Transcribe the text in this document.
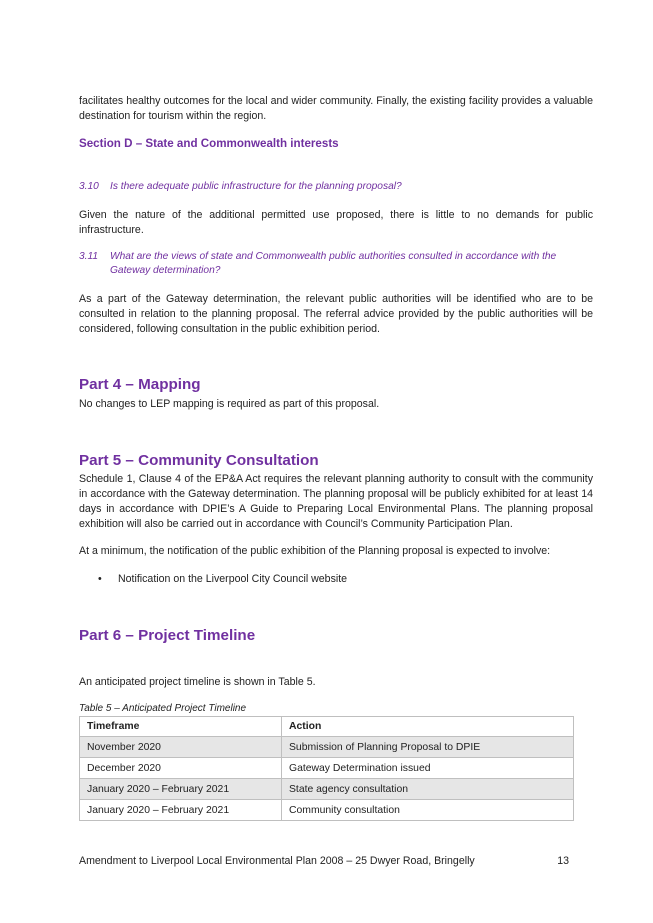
facilitates healthy outcomes for the local and wider community. Finally, the existing facility provides a valuable destination for tourism within the region.

Section D – State and Commonwealth interests
3.10	Is there adequate public infrastructure for the planning proposal?

Given the nature of the additional permitted use proposed, there is little to no demands for public infrastructure.

3.11	What are the views of state and Commonwealth public authorities consulted in accordance with the Gateway determination?

As a part of the Gateway determination, the relevant public authorities will be identified who are to be consulted in relation to the planning proposal. The referral advice provided by the public authorities will be considered, following consultation in the public exhibition period.

Part 4 – Mapping

No changes to LEP mapping is required as part of this proposal.

Part 5 – Community Consultation

Schedule 1, Clause 4 of the EP&A Act requires the relevant planning authority to consult with the community in accordance with the Gateway determination. The planning proposal will be publicly exhibited for at least 14 days in accordance with DPIE’s A Guide to Preparing Local Environmental Plans. The planning proposal exhibition will also be carried out in accordance with Council’s Community Participation Plan.

At a minimum, the notification of the public exhibition of the Planning proposal is expected to involve:

• Notification on the Liverpool City Council website
Part 6 – Project Timeline

An anticipated project timeline is shown in Table 5.

Table 5 – Anticipated Project Timeline
Timeframe	Action
November 2020	Submission of Planning Proposal to DPIE
December 2020	Gateway Determination issued
January 2020 – February 2021	State agency consultation
January 2020 – February 2021	Community consultation
Amendment to Liverpool Local Environmental Plan 2008 – 25 Dwyer Road, Bringelly	13
